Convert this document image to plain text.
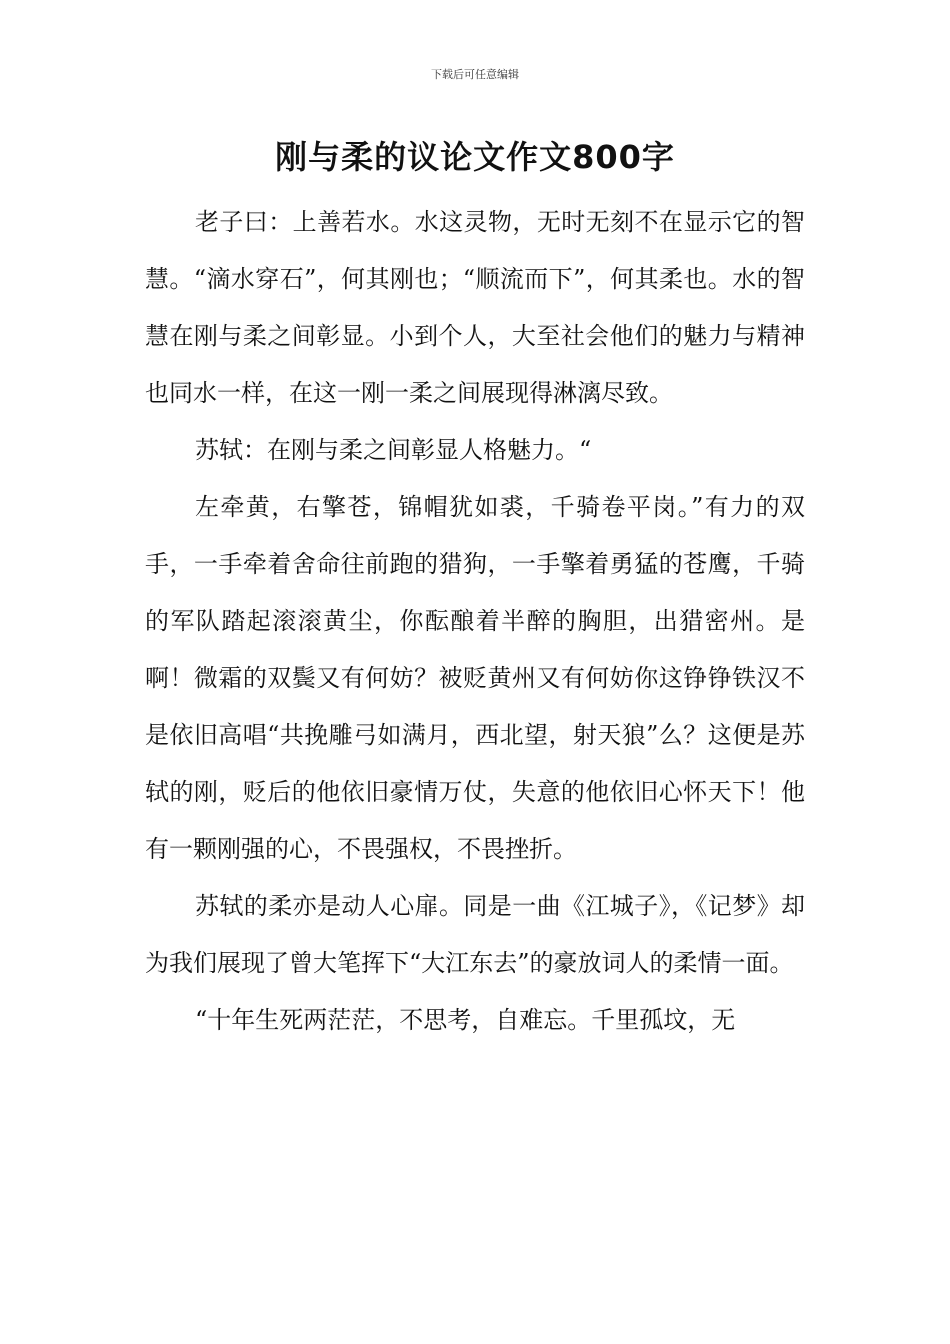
下载后可任意编辑
刚与柔的议论文作文800字

老子曰：上善若水。水这灵物，无时无刻不在显示它的智慧。“滴水穿石”，何其刚也；“顺流而下”，何其柔也。水的智慧在刚与柔之间彰显。小到个人，大至社会他们的魅力与精神也同水一样，在这一刚一柔之间展现得淋漓尽致。

苏轼：在刚与柔之间彰显人格魅力。“

左牵黄，右擎苍，锦帽犹如裘，千骑卷平岗。”有力的双手，一手牵着舍命往前跑的猎狗，一手擎着勇猛的苍鹰，千骑的军队踏起滚滚黄尘，你酝酿着半醉的胸胆，出猎密州。是啊！微霜的双鬓又有何妨？被贬黄州又有何妨你这铮铮铁汉不是依旧高唱“共挽雕弓如满月，西北望，射天狼”么？这便是苏轼的刚，贬后的他依旧豪情万仗，失意的他依旧心怀天下！他有一颗刚强的心，不畏强权，不畏挫折。

苏轼的柔亦是动人心扉。同是一曲《江城子》，《记梦》却为我们展现了曾大笔挥下“大江东去”的豪放词人的柔情一面。

“十年生死两茫茫，不思考，自难忘。千里孤坟，无
